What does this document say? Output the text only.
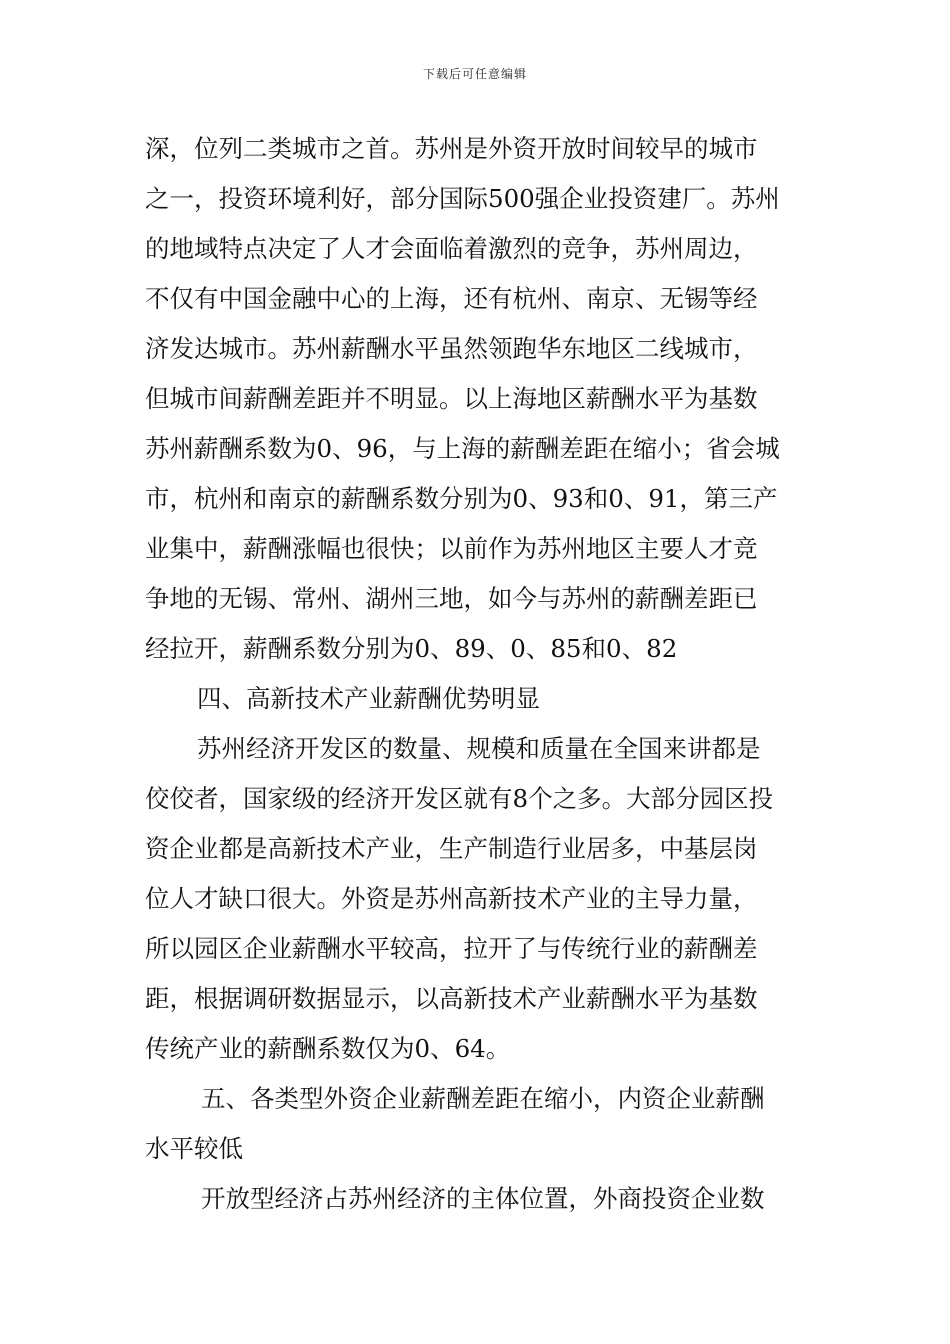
下载后可任意编辑
深，位列二类城市之首。苏州是外资开放时间较早的城市
之一，投资环境利好，部分国际500强企业投资建厂。苏州
的地域特点决定了人才会面临着激烈的竞争，苏州周边，
不仅有中国金融中心的上海，还有杭州、南京、无锡等经
济发达城市。苏州薪酬水平虽然领跑华东地区二线城市，
但城市间薪酬差距并不明显。以上海地区薪酬水平为基数
苏州薪酬系数为0、96，与上海的薪酬差距在缩小；省会城
市，杭州和南京的薪酬系数分别为0、93和0、91，第三产
业集中，薪酬涨幅也很快；以前作为苏州地区主要人才竞
争地的无锡、常州、湖州三地，如今与苏州的薪酬差距已
经拉开，薪酬系数分别为0、89、0、85和0、82
四、高新技术产业薪酬优势明显
苏州经济开发区的数量、规模和质量在全国来讲都是
佼佼者，国家级的经济开发区就有8个之多。大部分园区投
资企业都是高新技术产业，生产制造行业居多，中基层岗
位人才缺口很大。外资是苏州高新技术产业的主导力量，
所以园区企业薪酬水平较高，拉开了与传统行业的薪酬差
距，根据调研数据显示，以高新技术产业薪酬水平为基数
传统产业的薪酬系数仅为0、64。
五、各类型外资企业薪酬差距在缩小，内资企业薪酬
水平较低
开放型经济占苏州经济的主体位置，外商投资企业数
